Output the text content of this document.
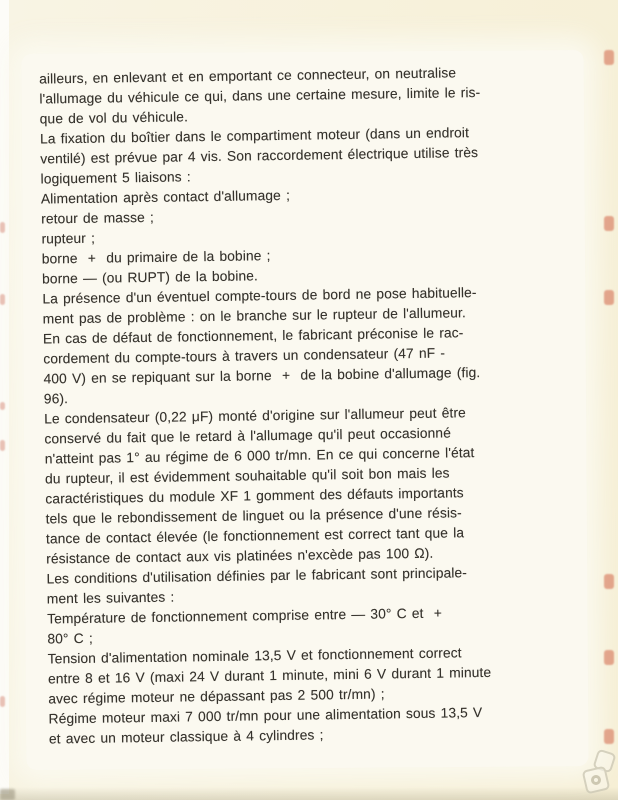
ailleurs, en enlevant et en emportant ce connecteur, on neutralise
l'allumage du véhicule ce qui, dans une certaine mesure, limite le ris-
que de vol du véhicule.
La fixation du boîtier dans le compartiment moteur (dans un endroit
ventilé) est prévue par 4 vis. Son raccordement électrique utilise très
logiquement 5 liaisons :
Alimentation après contact d'allumage ;
retour de masse ;
rupteur ;
borne  +  du primaire de la bobine ;
borne — (ou RUPT) de la bobine.
La présence d'un éventuel compte-tours de bord ne pose habituelle-
ment pas de problème : on le branche sur le rupteur de l'allumeur.
En cas de défaut de fonctionnement, le fabricant préconise le rac-
cordement du compte-tours à travers un condensateur (47 nF -
400 V) en se repiquant sur la borne  +  de la bobine d'allumage (fig.
96).
Le condensateur (0,22 μF) monté d'origine sur l'allumeur peut être
conservé du fait que le retard à l'allumage qu'il peut occasionné
n'atteint pas 1° au régime de 6 000 tr/mn. En ce qui concerne l'état
du rupteur, il est évidemment souhaitable qu'il soit bon mais les
caractéristiques du module XF 1 gomment des défauts importants
tels que le rebondissement de linguet ou la présence d'une résis-
tance de contact élevée (le fonctionnement est correct tant que la
résistance de contact aux vis platinées n'excède pas 100 Ω).
Les conditions d'utilisation définies par le fabricant sont principale-
ment les suivantes :
Température de fonctionnement comprise entre — 30° C et  +
80° C ;
Tension d'alimentation nominale 13,5 V et fonctionnement correct
entre 8 et 16 V (maxi 24 V durant 1 minute, mini 6 V durant 1 minute
avec régime moteur ne dépassant pas 2 500 tr/mn) ;
Régime moteur maxi 7 000 tr/mn pour une alimentation sous 13,5 V
et avec un moteur classique à 4 cylindres ;
